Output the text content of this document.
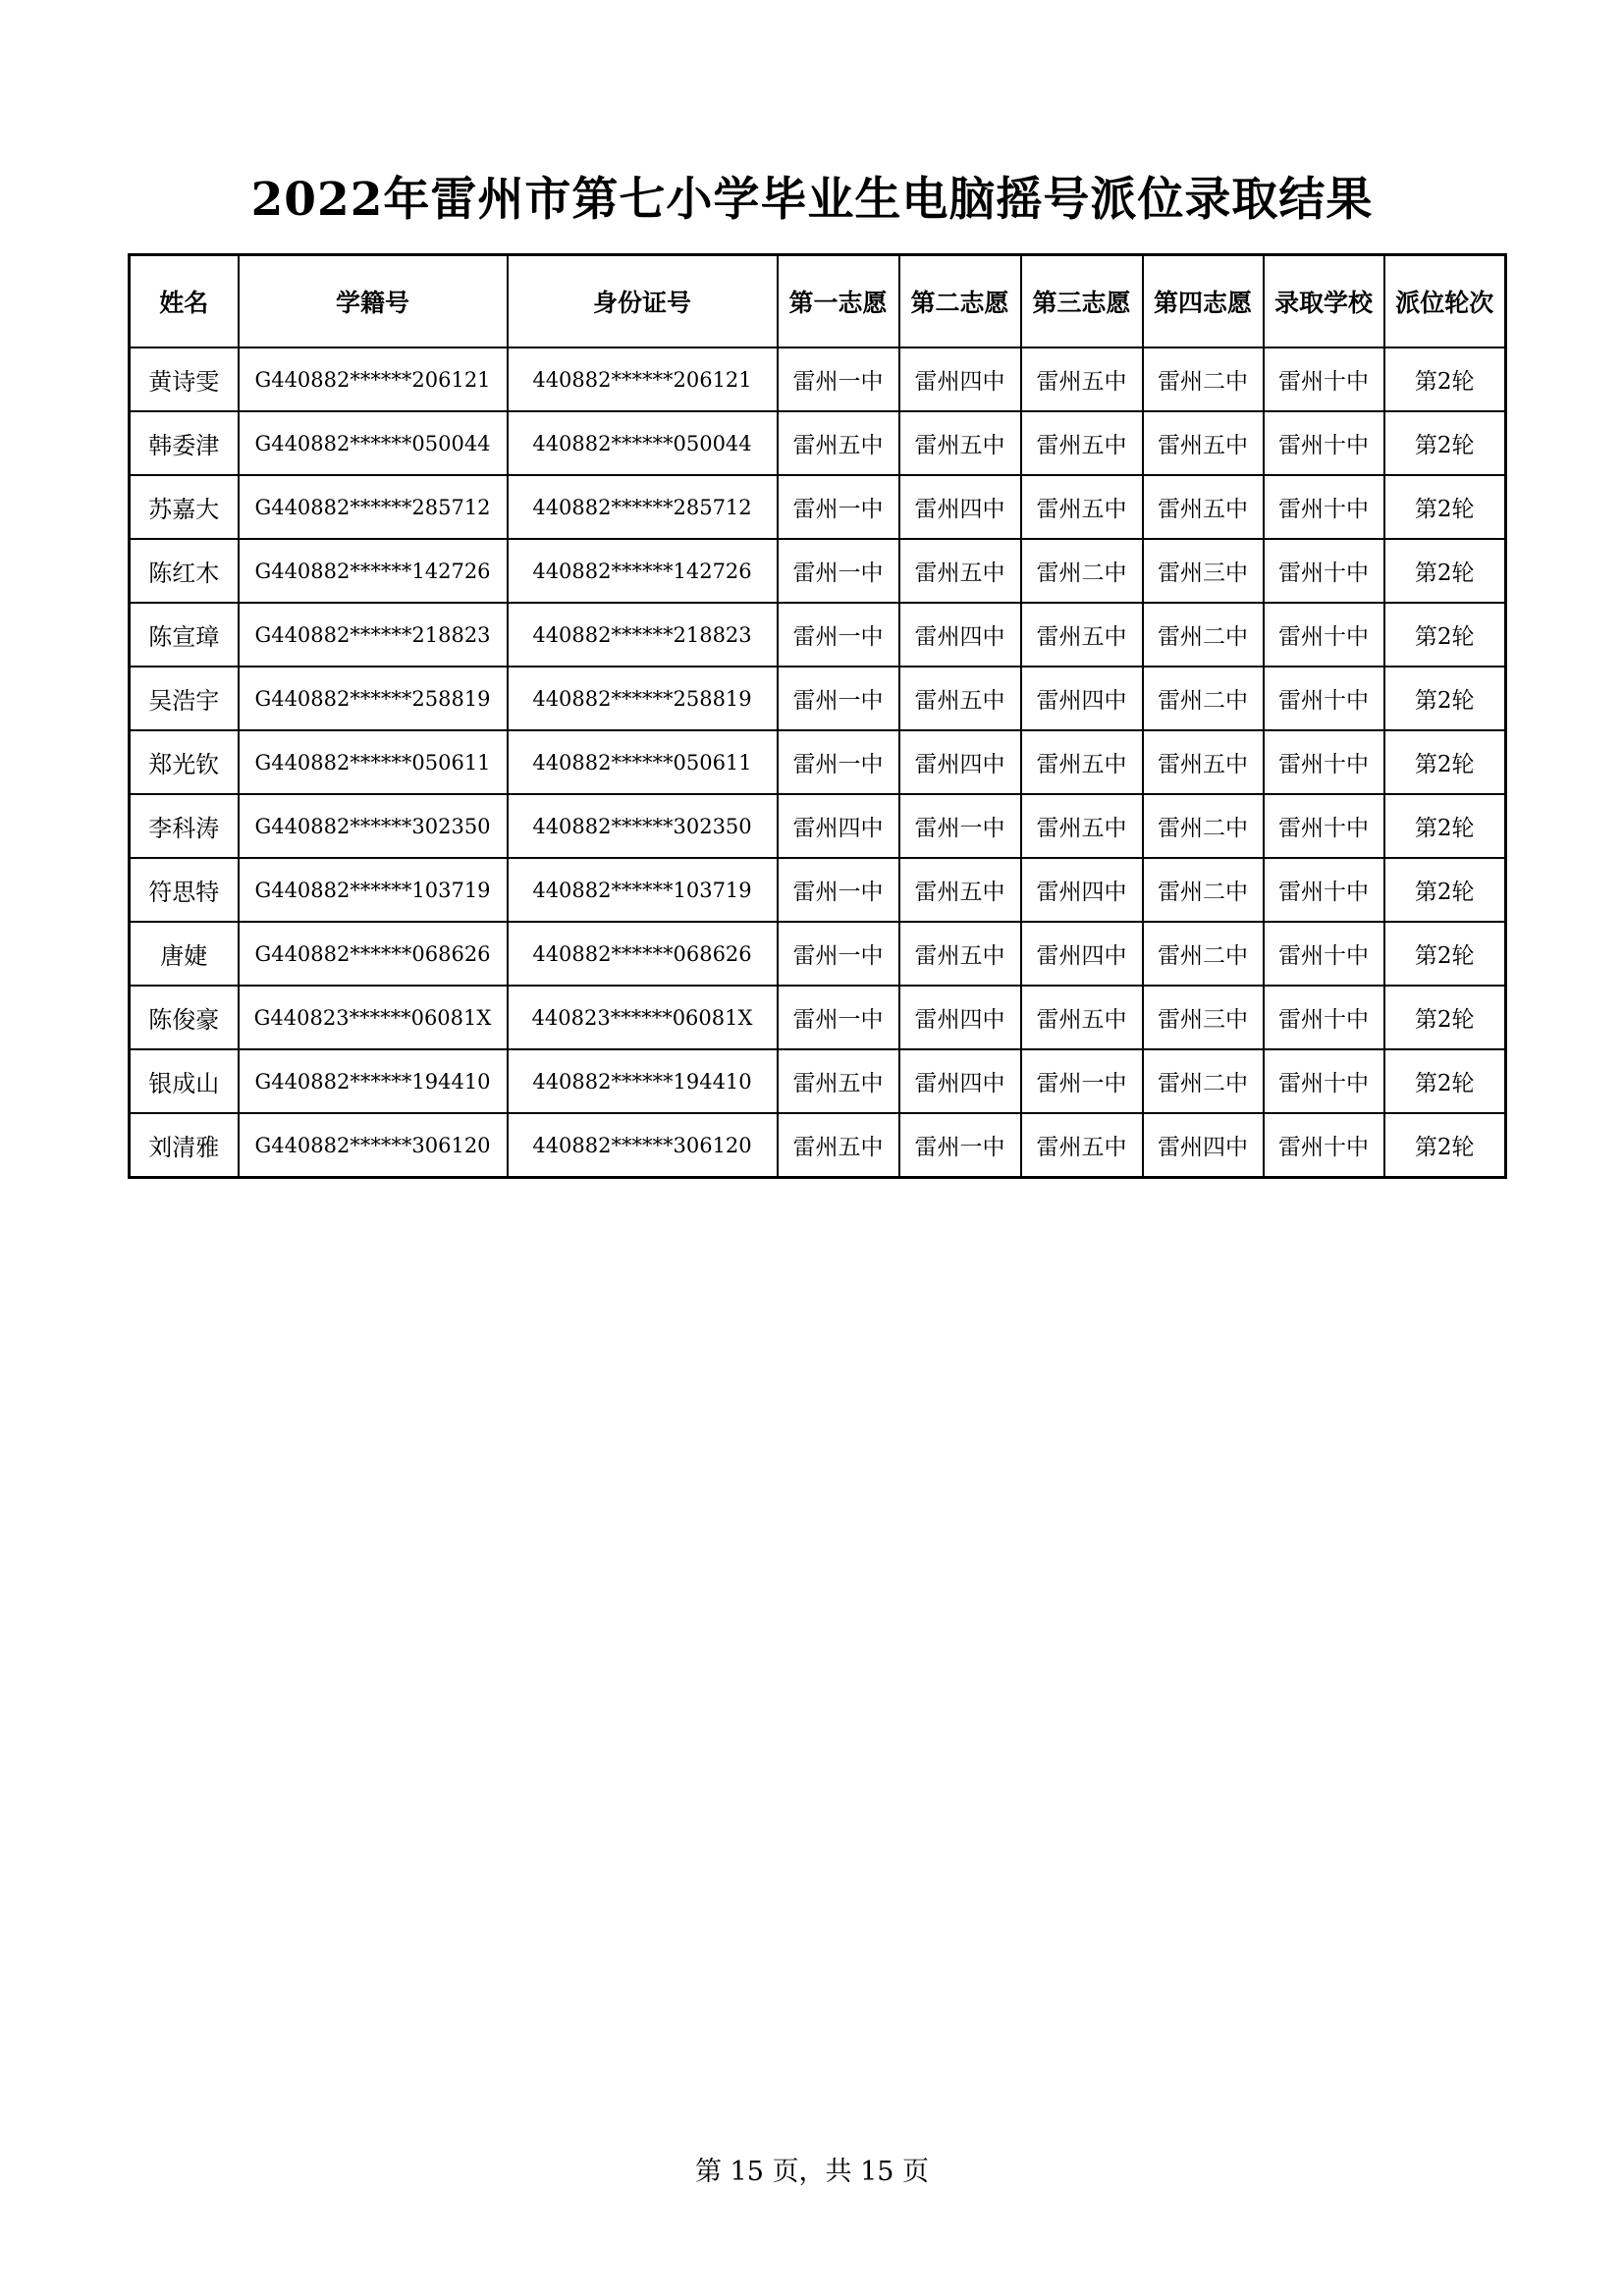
2022年雷州市第七小学毕业生电脑摇号派位录取结果
姓名	学籍号	身份证号	第一志愿	第二志愿	第三志愿	第四志愿	录取学校	派位轮次
黄诗雯	G440882******206121	440882******206121	雷州一中	雷州四中	雷州五中	雷州二中	雷州十中	第2轮
韩委津	G440882******050044	440882******050044	雷州五中	雷州五中	雷州五中	雷州五中	雷州十中	第2轮
苏嘉大	G440882******285712	440882******285712	雷州一中	雷州四中	雷州五中	雷州五中	雷州十中	第2轮
陈红木	G440882******142726	440882******142726	雷州一中	雷州五中	雷州二中	雷州三中	雷州十中	第2轮
陈宣璋	G440882******218823	440882******218823	雷州一中	雷州四中	雷州五中	雷州二中	雷州十中	第2轮
吴浩宇	G440882******258819	440882******258819	雷州一中	雷州五中	雷州四中	雷州二中	雷州十中	第2轮
郑光钦	G440882******050611	440882******050611	雷州一中	雷州四中	雷州五中	雷州五中	雷州十中	第2轮
李科涛	G440882******302350	440882******302350	雷州四中	雷州一中	雷州五中	雷州二中	雷州十中	第2轮
符思特	G440882******103719	440882******103719	雷州一中	雷州五中	雷州四中	雷州二中	雷州十中	第2轮
唐婕	G440882******068626	440882******068626	雷州一中	雷州五中	雷州四中	雷州二中	雷州十中	第2轮
陈俊豪	G440823******06081X	440823******06081X	雷州一中	雷州四中	雷州五中	雷州三中	雷州十中	第2轮
银成山	G440882******194410	440882******194410	雷州五中	雷州四中	雷州一中	雷州二中	雷州十中	第2轮
刘清雅	G440882******306120	440882******306120	雷州五中	雷州一中	雷州五中	雷州四中	雷州十中	第2轮
第 15 页，共 15 页
